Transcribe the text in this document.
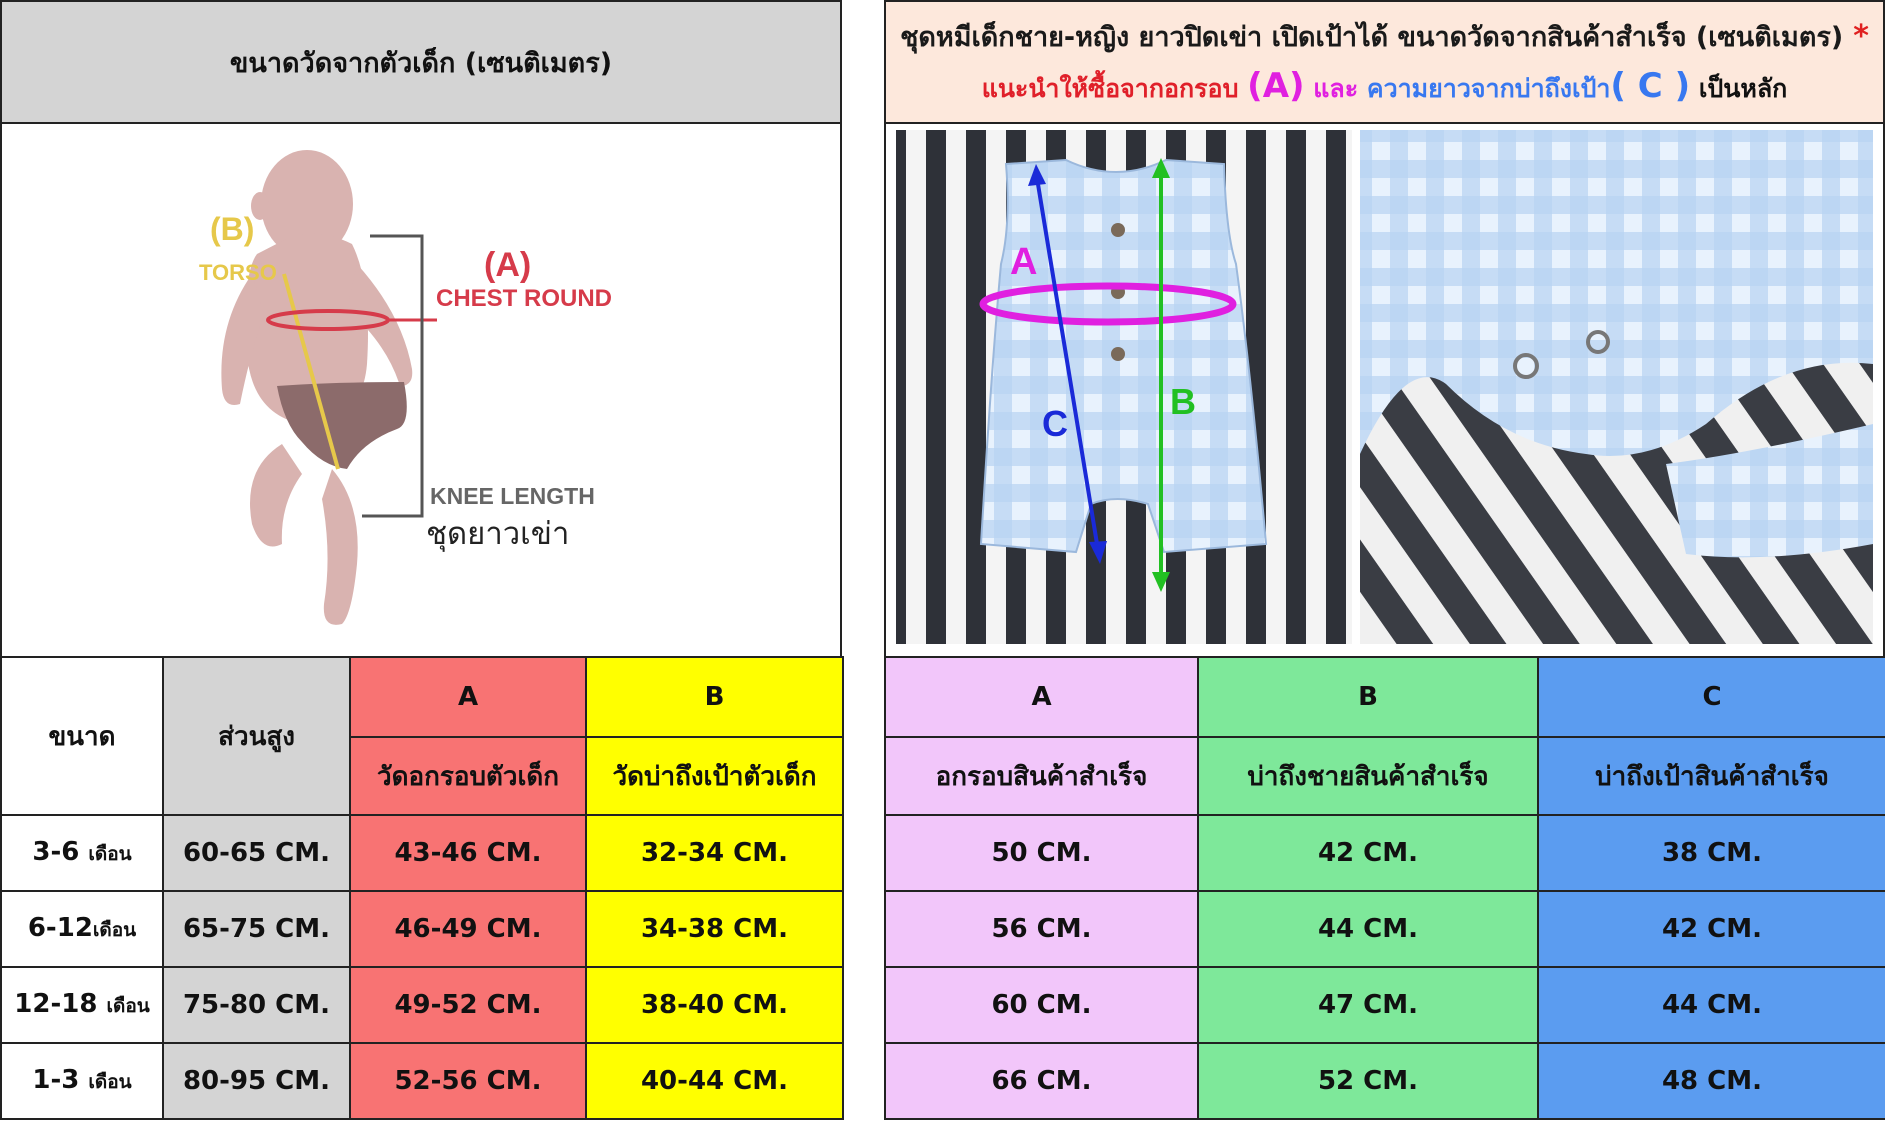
ขนาดวัดจากตัวเด็ก (เซนติเมตร)
(B)
TORSO	(A)
CHEST ROUND
KNEE LENGTH
ชุดยาวเข่า
ชุดหมีเด็กชาย-หญิง ยาวปิดเข่า เปิดเป้าได้ ขนาดวัดจากสินค้าสำเร็จ (เซนติเมตร) *
แนะนำให้ซื้อจากอกรอบ (A) และ ความยาวจากบ่าถึงเป้า( C ) เป็นหลัก
A
B
C
ขนาด	ส่วนสูง	A	B
		วัดอกรอบตัวเด็ก	วัดบ่าถึงเป้าตัวเด็ก
3-6 เดือน	60-65 CM.	43-46 CM.	32-34 CM.
6-12เดือน	65-75 CM.	46-49 CM.	34-38 CM.
12-18 เดือน	75-80 CM.	49-52 CM.	38-40 CM.
1-3 เดือน	80-95 CM.	52-56 CM.	40-44 CM.
A	B	C
อกรอบสินค้าสำเร็จ	บ่าถึงชายสินค้าสำเร็จ	บ่าถึงเป้าสินค้าสำเร็จ
50 CM.	42 CM.	38 CM.
56 CM.	44 CM.	42 CM.
60 CM.	47 CM.	44 CM.
66 CM.	52 CM.	48 CM.
